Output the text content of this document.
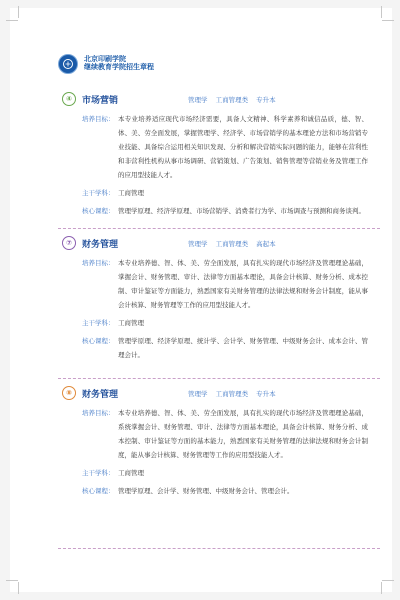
北京印刷学院
继续教育学院招生章程
④	市场营销	管理学 工商管理类 专升本
培养目标： 本专业培养适应现代市场经济需要，具备人文精神、科学素养和诚信品质，德、智、体、美、劳全面发展，掌握管理学、经济学、市场营销学的基本理论方法和市场营销专业技能、具备综合运用相关知识发现、分析和解决营销实际问题的能力，能够在营利性和非营利性机构从事市场调研、营销策划、广告策划、销售管理等营销业务及管理工作的应用型技能人才。
主干学科： 工商管理
核心课程： 管理学原理、经济学原理、市场营销学、消费者行为学、市场调查与预测和商务谈判。
⑦	财务管理	管理学 工商管理类 高起本
培养目标： 本专业培养德、智、体、美、劳全面发展，具有扎实的现代市场经济及管理理论基础，掌握会计、财务管理、审计、法律等方面基本理论，具备会计核算、财务分析、成本控制、审计鉴证等方面能力，熟悉国家有关财务管理的法律法规和财务会计制度，能从事会计核算、财务管理等工作的应用型技能人才。
主干学科： 工商管理
核心课程： 管理学原理、经济学原理、统计学、会计学、财务管理、中级财务会计、成本会计、管理会计。
⑧	财务管理	管理学 工商管理类 专升本
培养目标： 本专业培养德、智、体、美、劳全面发展，具有扎实的现代市场经济及管理理论基础，系统掌握会计、财务管理、审计、法律等方面基本理论，具备会计核算、财务分析、成本控制、审计鉴证等方面的基本能力，熟悉国家有关财务管理的法律法规和财务会计制度，能从事会计核算、财务管理等工作的应用型技能人才。
主干学科： 工商管理
核心课程： 管理学原理、会计学、财务管理、中级财务会计、管理会计。
